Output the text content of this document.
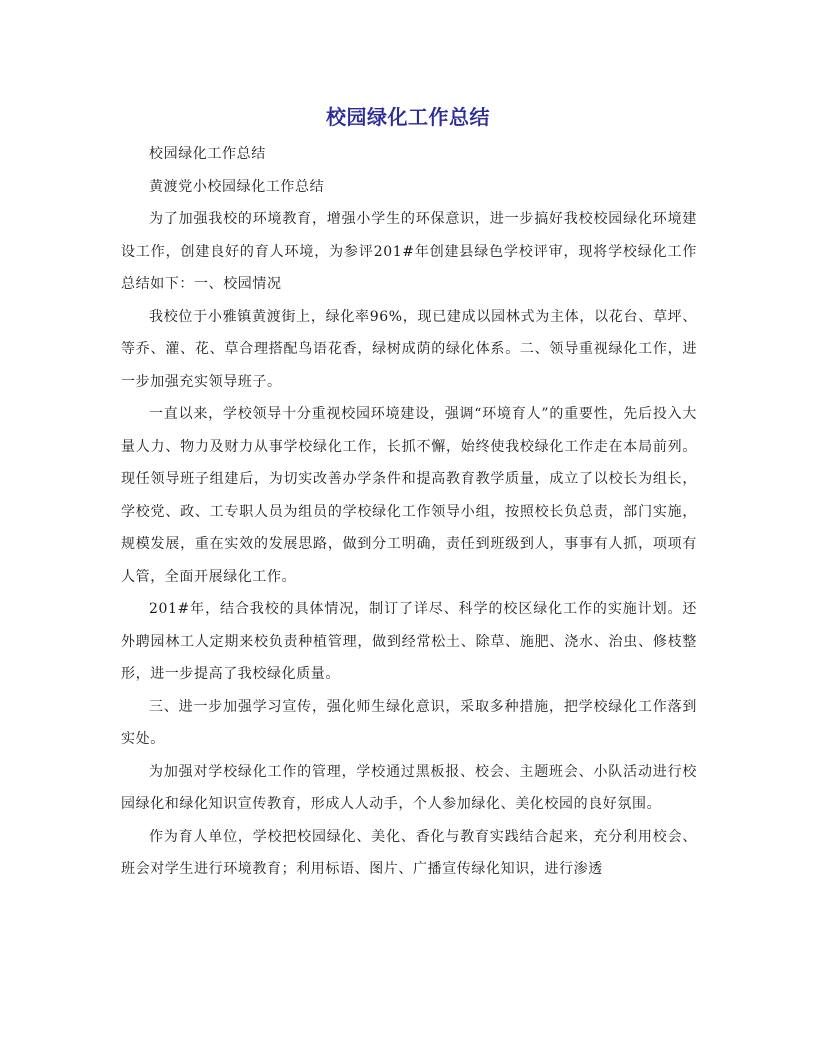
校园绿化工作总结

校园绿化工作总结

黄渡党小校园绿化工作总结

为了加强我校的环境教育，增强小学生的环保意识，进一步搞好我校校园绿化环境建设工作，创建良好的育人环境，为参评201#年创建县绿色学校评审，现将学校绿化工作总结如下：一、校园情况

我校位于小雅镇黄渡街上，绿化率96%，现已建成以园林式为主体，以花台、草坪、等乔、灌、花、草合理搭配鸟语花香，绿树成荫的绿化体系。二、领导重视绿化工作，进一步加强充实领导班子。

一直以来，学校领导十分重视校园环境建设，强调“环境育人”的重要性，先后投入大量人力、物力及财力从事学校绿化工作，长抓不懈，始终使我校绿化工作走在本局前列。现任领导班子组建后，为切实改善办学条件和提高教育教学质量，成立了以校长为组长，学校党、政、工专职人员为组员的学校绿化工作领导小组，按照校长负总责，部门实施，规模发展，重在实效的发展思路，做到分工明确，责任到班级到人，事事有人抓，项项有人管，全面开展绿化工作。

201#年，结合我校的具体情况，制订了详尽、科学的校区绿化工作的实施计划。还外聘园林工人定期来校负责种植管理，做到经常松土、除草、施肥、浇水、治虫、修枝整形，进一步提高了我校绿化质量。

三、进一步加强学习宣传，强化师生绿化意识，采取多种措施，把学校绿化工作落到实处。

为加强对学校绿化工作的管理，学校通过黑板报、校会、主题班会、小队活动进行校园绿化和绿化知识宣传教育，形成人人动手，个人参加绿化、美化校园的良好氛围。

作为育人单位，学校把校园绿化、美化、香化与教育实践结合起来，充分利用校会、班会对学生进行环境教育；利用标语、图片、广播宣传绿化知识，进行渗透
